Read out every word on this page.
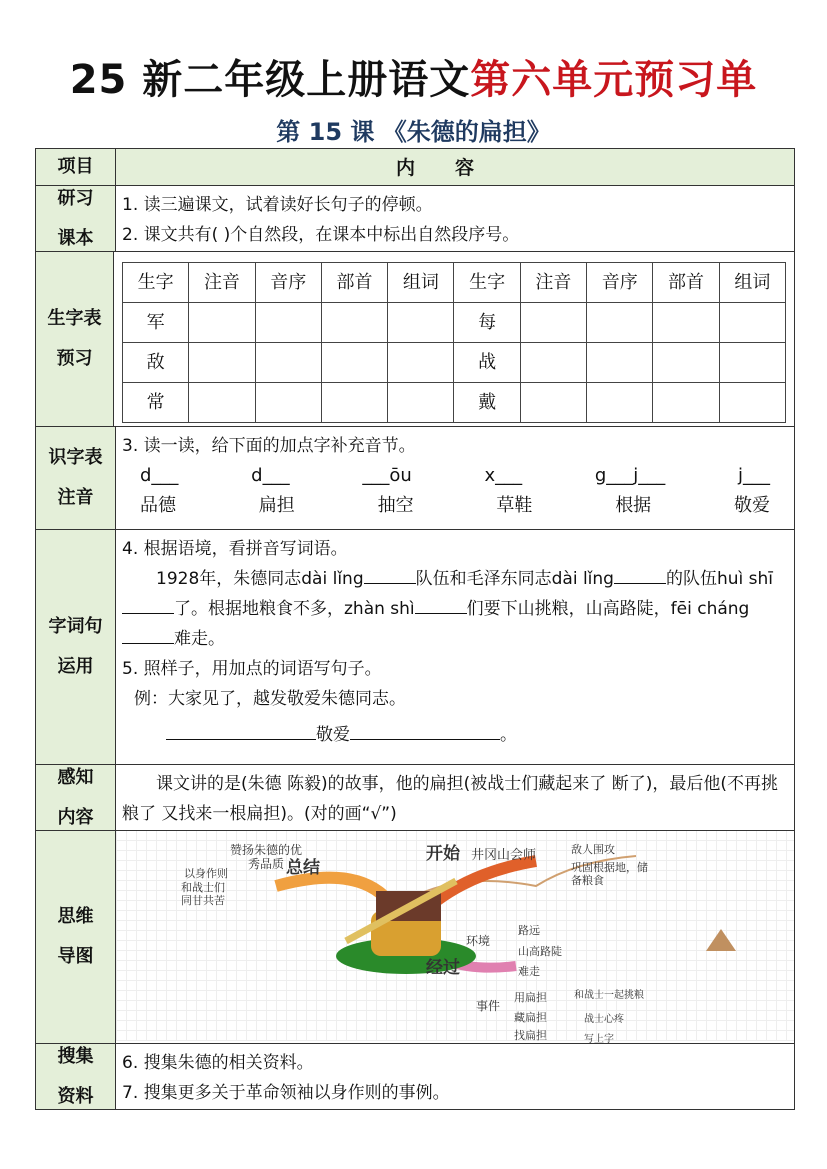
25 新二年级上册语文第六单元预习单
第 15 课 《朱德的扁担》
项目	内容
研习
课本
1. 读三遍课文，试着读好长句子的停顿。
2. 课文共有( )个自然段，在课本中标出自然段序号。
生字表
预习
生字	注音	音序	部首	组词	生字	注音	音序	部首	组词
军					每				
敌					战				
常					戴				
识字表
注音
3. 读一读，给下面的加点字补充音节。
d___	d___	___ōu	x___	g___j___	j___
品德	扁担	抽空	草鞋	根据	敬爱
字词句
运用
4. 根据语境，看拼音写词语。
1928年，朱德同志dài lǐng	队伍和毛泽东同志dài lǐng	的队伍huì shī了。根据地粮食不多，zhàn shì	们要下山挑粮，山高路陡，fēi cháng难走。
5. 照样子，用加点的词语写句子。
例：大家见了，越发敬爱朱德同志。
敬爱	。
感知
内容
课文讲的是(朱德 陈毅)的故事，他的扁担(被战士们藏起来了 断了)，最后他(不再挑粮了 又找来一根扁担)。(对的画“√”)
思维
导图
总结
开始
经过
井冈山会师	敌人围攻
巩固根据地，储备粮食
赞扬朱德的优秀品质
以身作则
和战士们同甘共苦
环境
路远
山高路陡
难走
事件
用扁担	和战士一起挑粮
藏扁担	战士心疼
找扁担	写上字
搜集
资料
6. 搜集朱德的相关资料。
7. 搜集更多关于革命领袖以身作则的事例。
